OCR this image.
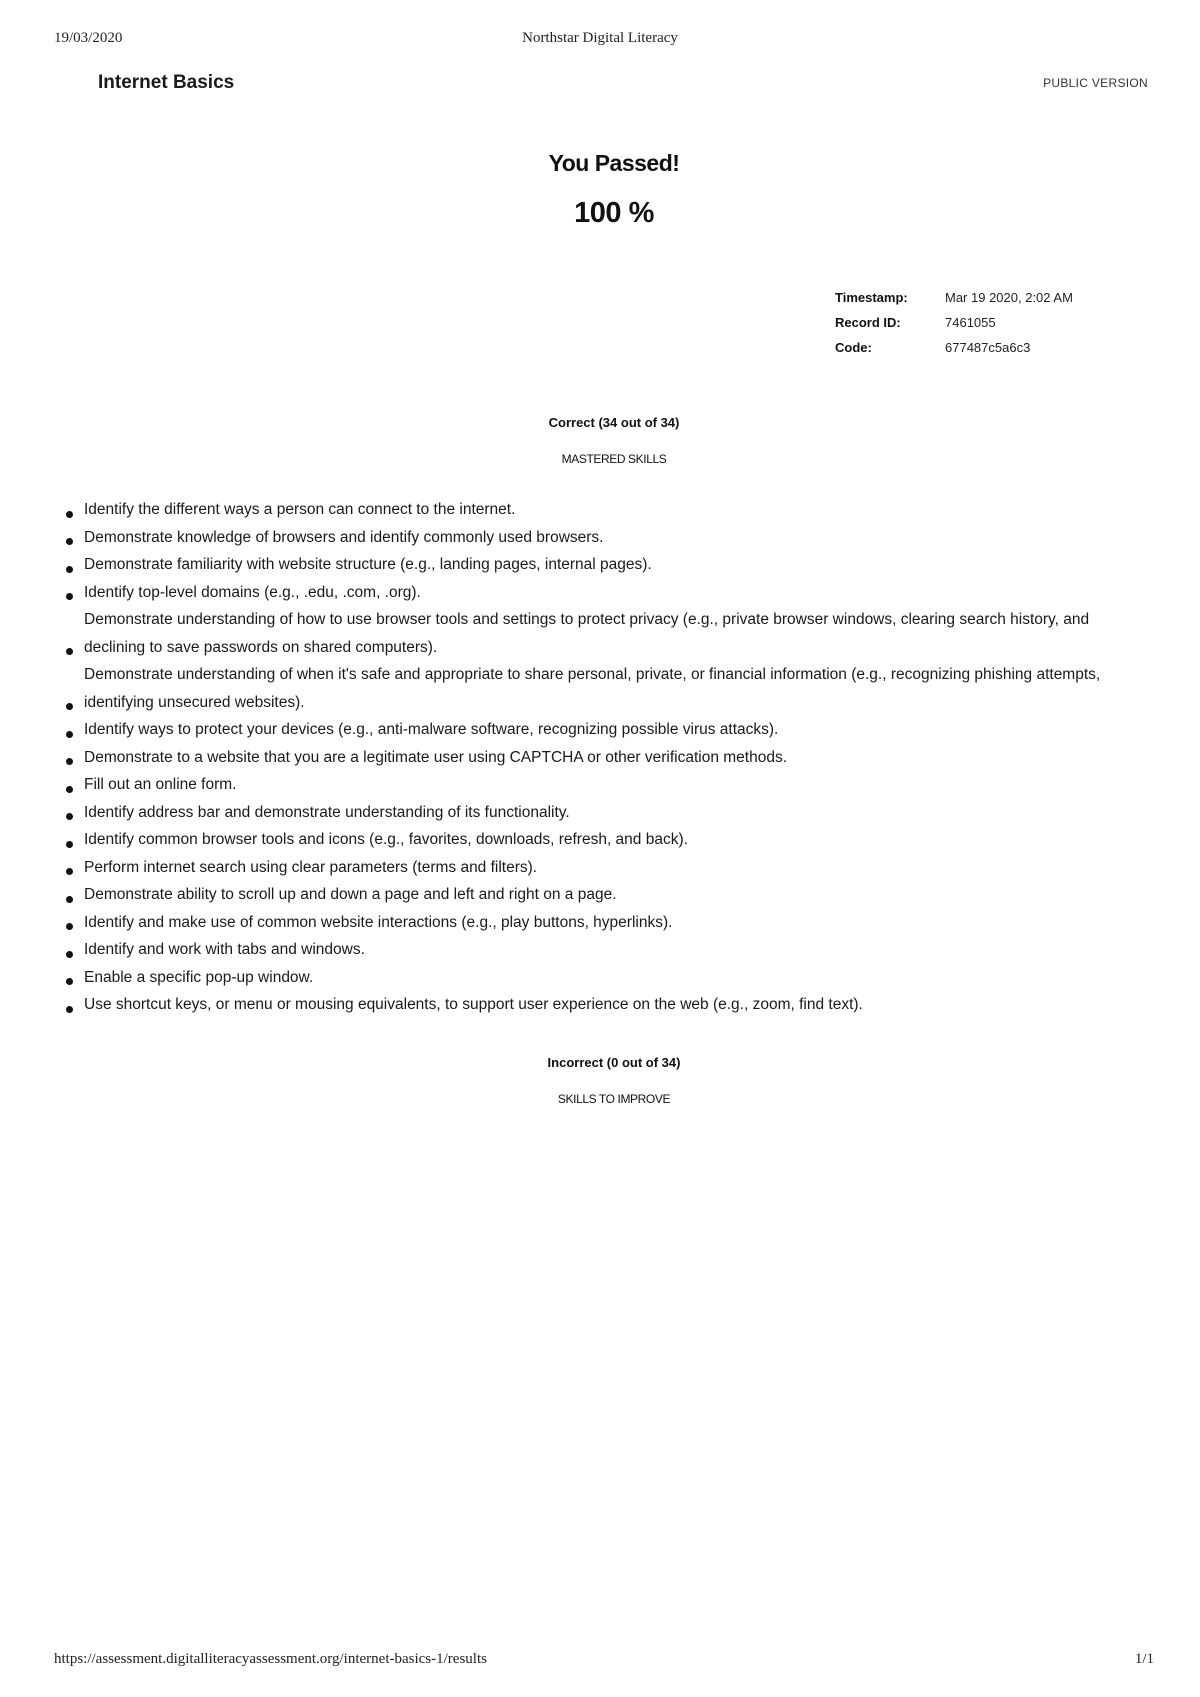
19/03/2020	Northstar Digital Literacy
Internet Basics	PUBLIC VERSION
You Passed!
100 %
Timestamp:	Mar 19 2020, 2:02 AM
Record ID:	7461055
Code:	677487c5a6c3
Correct (34 out of 34)
MASTERED SKILLS
Identify the different ways a person can connect to the internet.
Demonstrate knowledge of browsers and identify commonly used browsers.
Demonstrate familiarity with website structure (e.g., landing pages, internal pages).
Identify top-level domains (e.g., .edu, .com, .org).
Demonstrate understanding of how to use browser tools and settings to protect privacy (e.g., private browser windows, clearing search history, and declining to save passwords on shared computers).
Demonstrate understanding of when it's safe and appropriate to share personal, private, or financial information (e.g., recognizing phishing attempts, identifying unsecured websites).
Identify ways to protect your devices (e.g., anti-malware software, recognizing possible virus attacks).
Demonstrate to a website that you are a legitimate user using CAPTCHA or other verification methods.
Fill out an online form.
Identify address bar and demonstrate understanding of its functionality.
Identify common browser tools and icons (e.g., favorites, downloads, refresh, and back).
Perform internet search using clear parameters (terms and filters).
Demonstrate ability to scroll up and down a page and left and right on a page.
Identify and make use of common website interactions (e.g., play buttons, hyperlinks).
Identify and work with tabs and windows.
Enable a specific pop-up window.
Use shortcut keys, or menu or mousing equivalents, to support user experience on the web (e.g., zoom, find text).
Incorrect (0 out of 34)
SKILLS TO IMPROVE
https://assessment.digitalliteracyassessment.org/internet-basics-1/results	1/1
